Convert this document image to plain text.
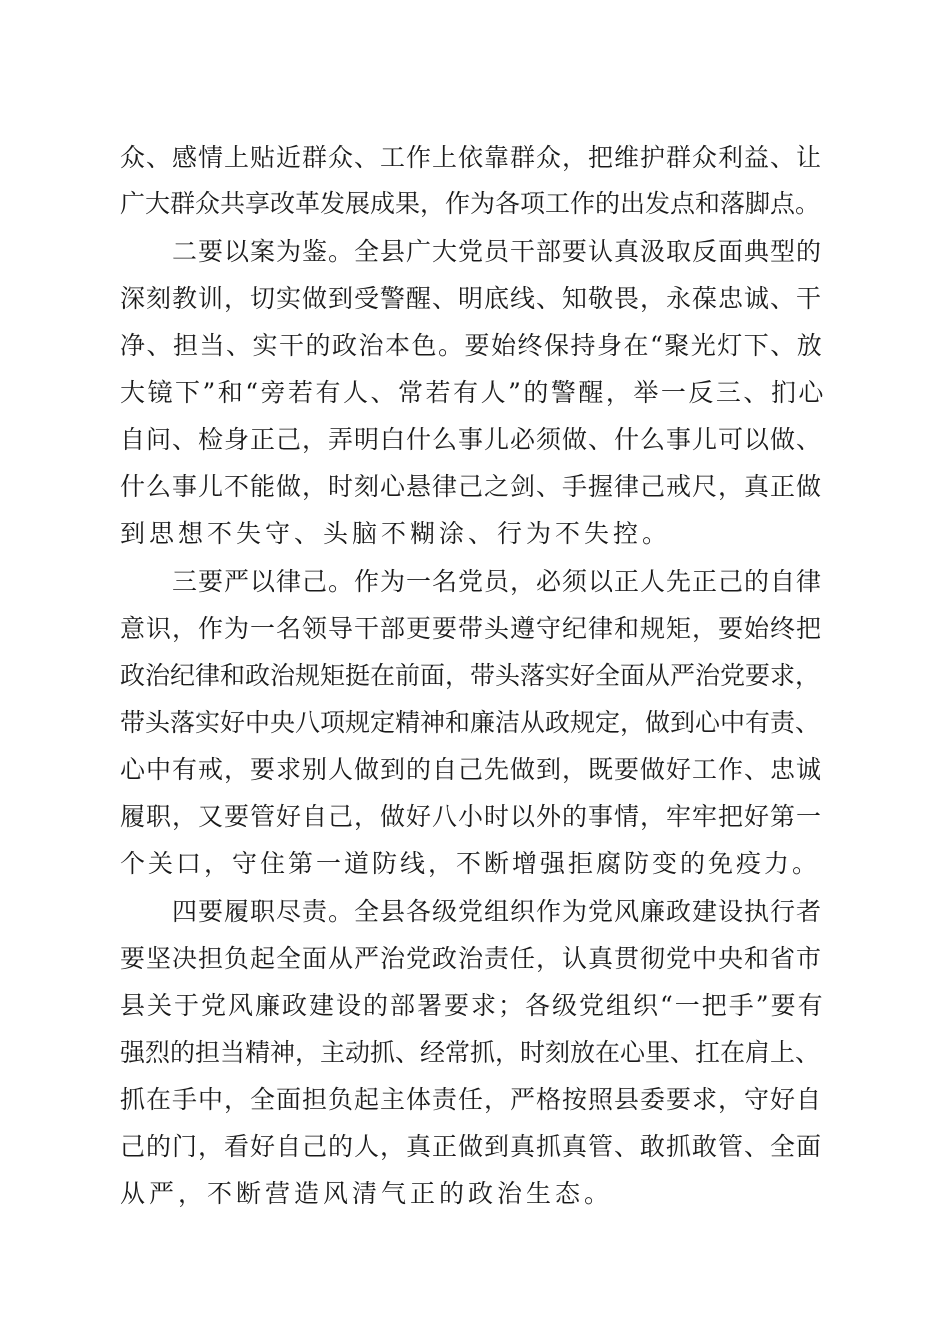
众、感情上贴近群众、工作上依靠群众，把维护群众利益、让
广大群众共享改革发展成果，作为各项工作的出发点和落脚点。
二要以案为鉴。全县广大党员干部要认真汲取反面典型的
深刻教训，切实做到受警醒、明底线、知敬畏，永葆忠诚、干
净、担当、实干的政治本色。要始终保持身在“聚光灯下、放
大镜下”和“旁若有人、常若有人”的警醒，举一反三、扪心
自问、检身正己，弄明白什么事儿必须做、什么事儿可以做、
什么事儿不能做，时刻心悬律己之剑、手握律己戒尺，真正做
到思想不失守、头脑不糊涂、行为不失控。
三要严以律己。作为一名党员，必须以正人先正己的自律
意识，作为一名领导干部更要带头遵守纪律和规矩，要始终把
政治纪律和政治规矩挺在前面，带头落实好全面从严治党要求，
带头落实好中央八项规定精神和廉洁从政规定，做到心中有责、
心中有戒，要求别人做到的自己先做到，既要做好工作、忠诚
履职，又要管好自己，做好八小时以外的事情，牢牢把好第一
个关口，守住第一道防线，不断增强拒腐防变的免疫力。
四要履职尽责。全县各级党组织作为党风廉政建设执行者
要坚决担负起全面从严治党政治责任，认真贯彻党中央和省市
县关于党风廉政建设的部署要求；各级党组织“一把手”要有
强烈的担当精神，主动抓、经常抓，时刻放在心里、扛在肩上、
抓在手中，全面担负起主体责任，严格按照县委要求，守好自
己的门，看好自己的人，真正做到真抓真管、敢抓敢管、全面
从严，不断营造风清气正的政治生态。
